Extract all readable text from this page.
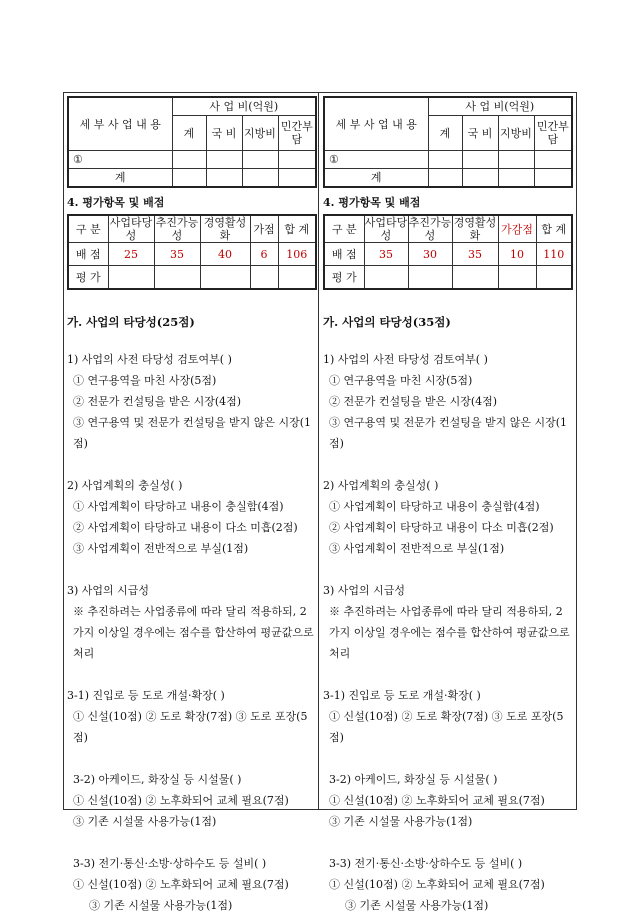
세 부 사 업 내 용	사 업 비(억원)			
	계	국 비	지방비	민간부담
①				
계				
4. 평가항목 및 배점
구 분	사업타당성	추진가능성	경영활성화	가점	합 계
배 점	25	35	40	6	106
평 가					
가. 사업의 타당성(25점)
1) 사업의 사전 타당성 검토여부( )
① 연구용역을 마친 사장(5점)
② 전문가 컨설팅을 받은 시장(4점)
③ 연구용역 및 전문가 컨설팅을 받지 않은 시장(1점)
2) 사업계획의 충실성( )
① 사업계획이 타당하고 내용이 충실함(4점)
② 사업계획이 타당하고 내용이 다소 미흡(2점)
③ 사업계획이 전반적으로 부실(1점)
3) 사업의 시급성
※ 추진하려는 사업종류에 따라 달리 적용하되, 2가지 이상일 경우에는 점수를 합산하여 평균값으로 처리
3-1) 진입로 등 도로 개설·확장( )
① 신설(10점) ② 도로 확장(7점) ③ 도로 포장(5점)
3-2) 아케이드, 화장실 등 시설물( )
① 신설(10점) ② 노후화되어 교체 필요(7점)
③ 기존 시설물 사용가능(1점)
3-3) 전기·통신·소방·상하수도 등 설비( )
① 신설(10점) ② 노후화되어 교체 필요(7점)
③ 기존 시설물 사용가능(1점)
세 부 사 업 내 용	사 업 비(억원)			
	계	국 비	지방비	민간부담
①				
계				
4. 평가항목 및 배점
구 분	사업타당성	추진가능성	경영활성화	가감점	합 계
배 점	35	30	35	10	110
평 가					
가. 사업의 타당성(35점)
1) 사업의 사전 타당성 검토여부( )
① 연구용역을 마친 시장(5점)
② 전문가 컨설팅을 받은 시장(4점)
③ 연구용역 및 전문가 컨설팅을 받지 않은 시장(1점)
2) 사업계획의 충실성( )
① 사업계획이 타당하고 내용이 충실함(4점)
② 사업계획이 타당하고 내용이 다소 미흡(2점)
③ 사업계획이 전반적으로 부실(1점)
3) 사업의 시급성
※ 추진하려는 사업종류에 따라 달리 적용하되, 2가지 이상일 경우에는 점수를 합산하여 평균값으로 처리
3-1) 진입로 등 도로 개설·확장( )
① 신설(10점) ② 도로 확장(7점) ③ 도로 포장(5점)
3-2) 아케이드, 화장실 등 시설물( )
① 신설(10점) ② 노후화되어 교체 필요(7점)
③ 기존 시설물 사용가능(1점)
3-3) 전기·통신·소방·상하수도 등 설비( )
① 신설(10점) ② 노후화되어 교체 필요(7점)
③ 기존 시설물 사용가능(1점)
